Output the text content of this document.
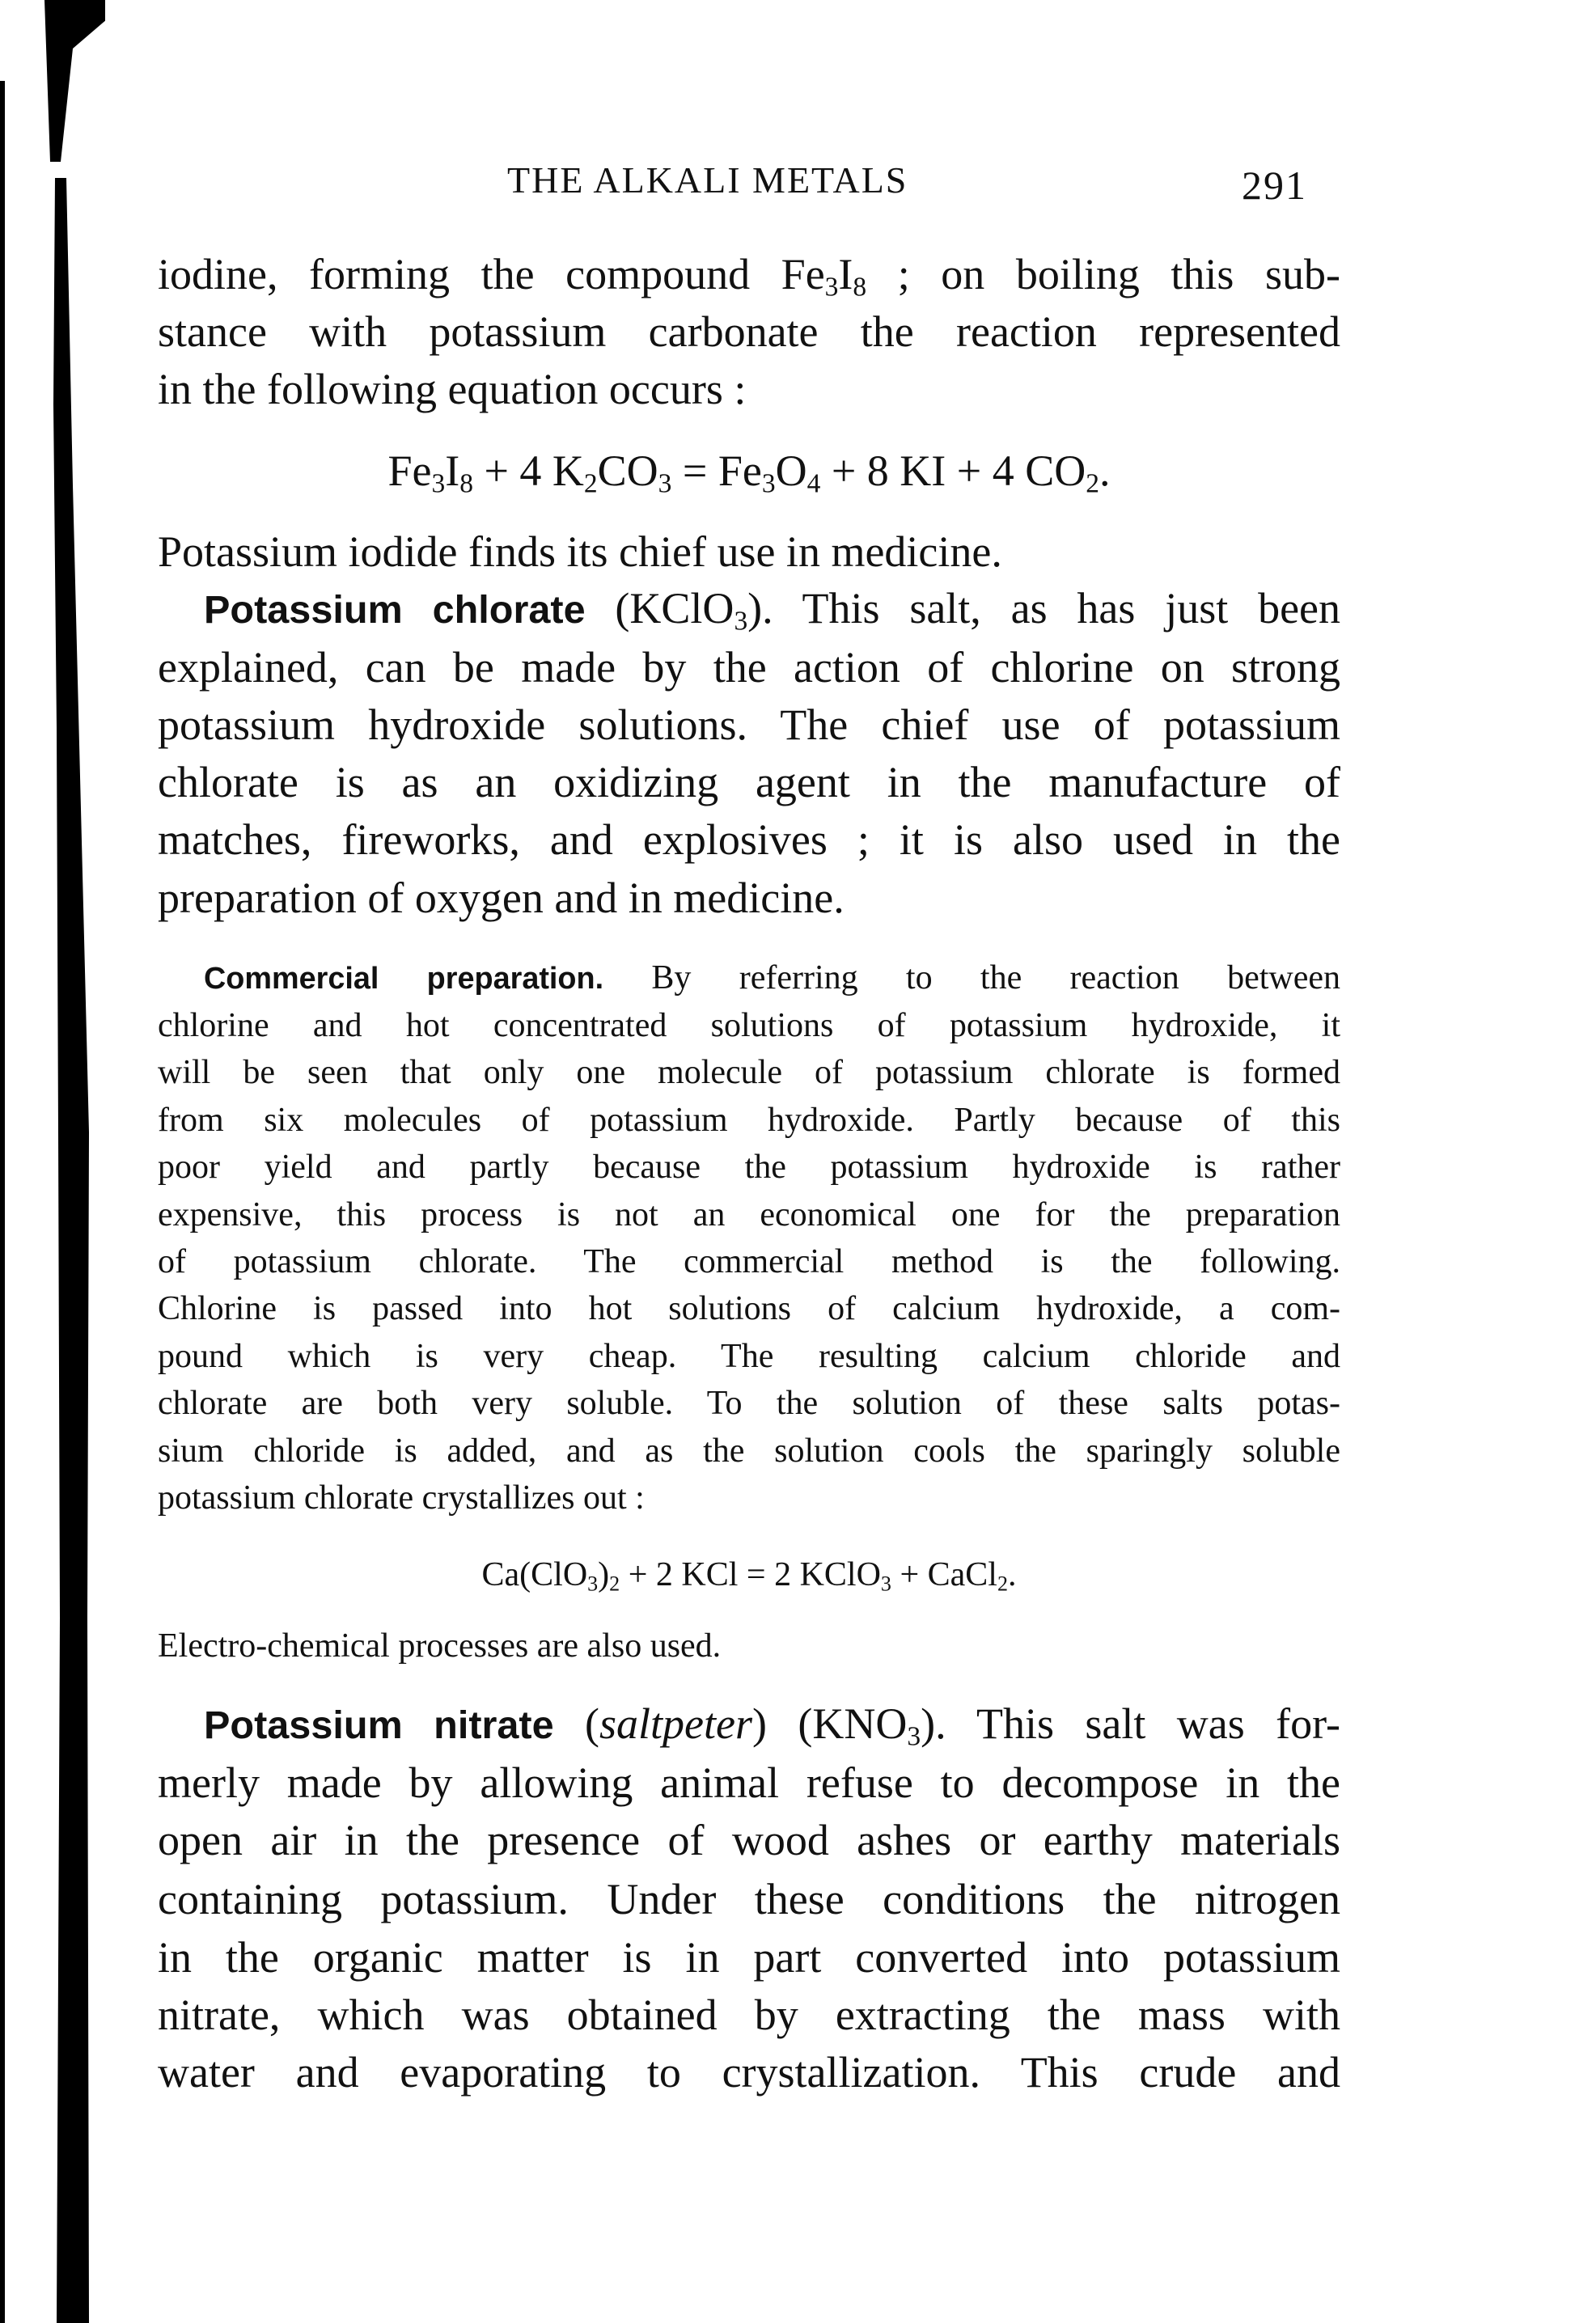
THE ALKALI METALS	291
iodine, forming the compound $Fe_3I_8$ ; on boiling this sub-
stance with potassium carbonate the reaction represented
in the following equation occurs :
$Fe_3I_8 + 4$ $K_2CO_3 = Fe_3O_4 + 8$ KI + 4 $CO_2$.
Potassium iodide finds its chief use in medicine.
Potassium chlorate (KClO$_3$). This salt, as has just been
explained, can be made by the action of chlorine on strong
potassium hydroxide solutions. The chief use of potassium
chlorate is as an oxidizing agent in the manufacture of
matches, fireworks, and explosives ; it is also used in the
preparation of oxygen and in medicine.
Commercial preparation. By referring to the reaction between
chlorine and hot concentrated solutions of potassium hydroxide, it
will be seen that only one molecule of potassium chlorate is formed
from six molecules of potassium hydroxide. Partly because of this
poor yield and partly because the potassium hydroxide is rather
expensive, this process is not an economical one for the preparation
of potassium chlorate. The commercial method is the following.
Chlorine is passed into hot solutions of calcium hydroxide, a com-
pound which is very cheap. The resulting calcium chloride and
chlorate are both very soluble. To the solution of these salts potas-
sium chloride is added, and as the solution cools the sparingly soluble
potassium chlorate crystallizes out :
$Ca(ClO_3)_2 + 2$ KCl = 2 KClO$_3$ + CaCl$_2$.
Electro-chemical processes are also used.
Potassium nitrate (saltpeter) $(KNO_3)$. This salt was for-
merly made by allowing animal refuse to decompose in the
open air in the presence of wood ashes or earthy materials
containing potassium. Under these conditions the nitrogen
in the organic matter is in part converted into potassium
nitrate, which was obtained by extracting the mass with
water and evaporating to crystallization. This crude and
